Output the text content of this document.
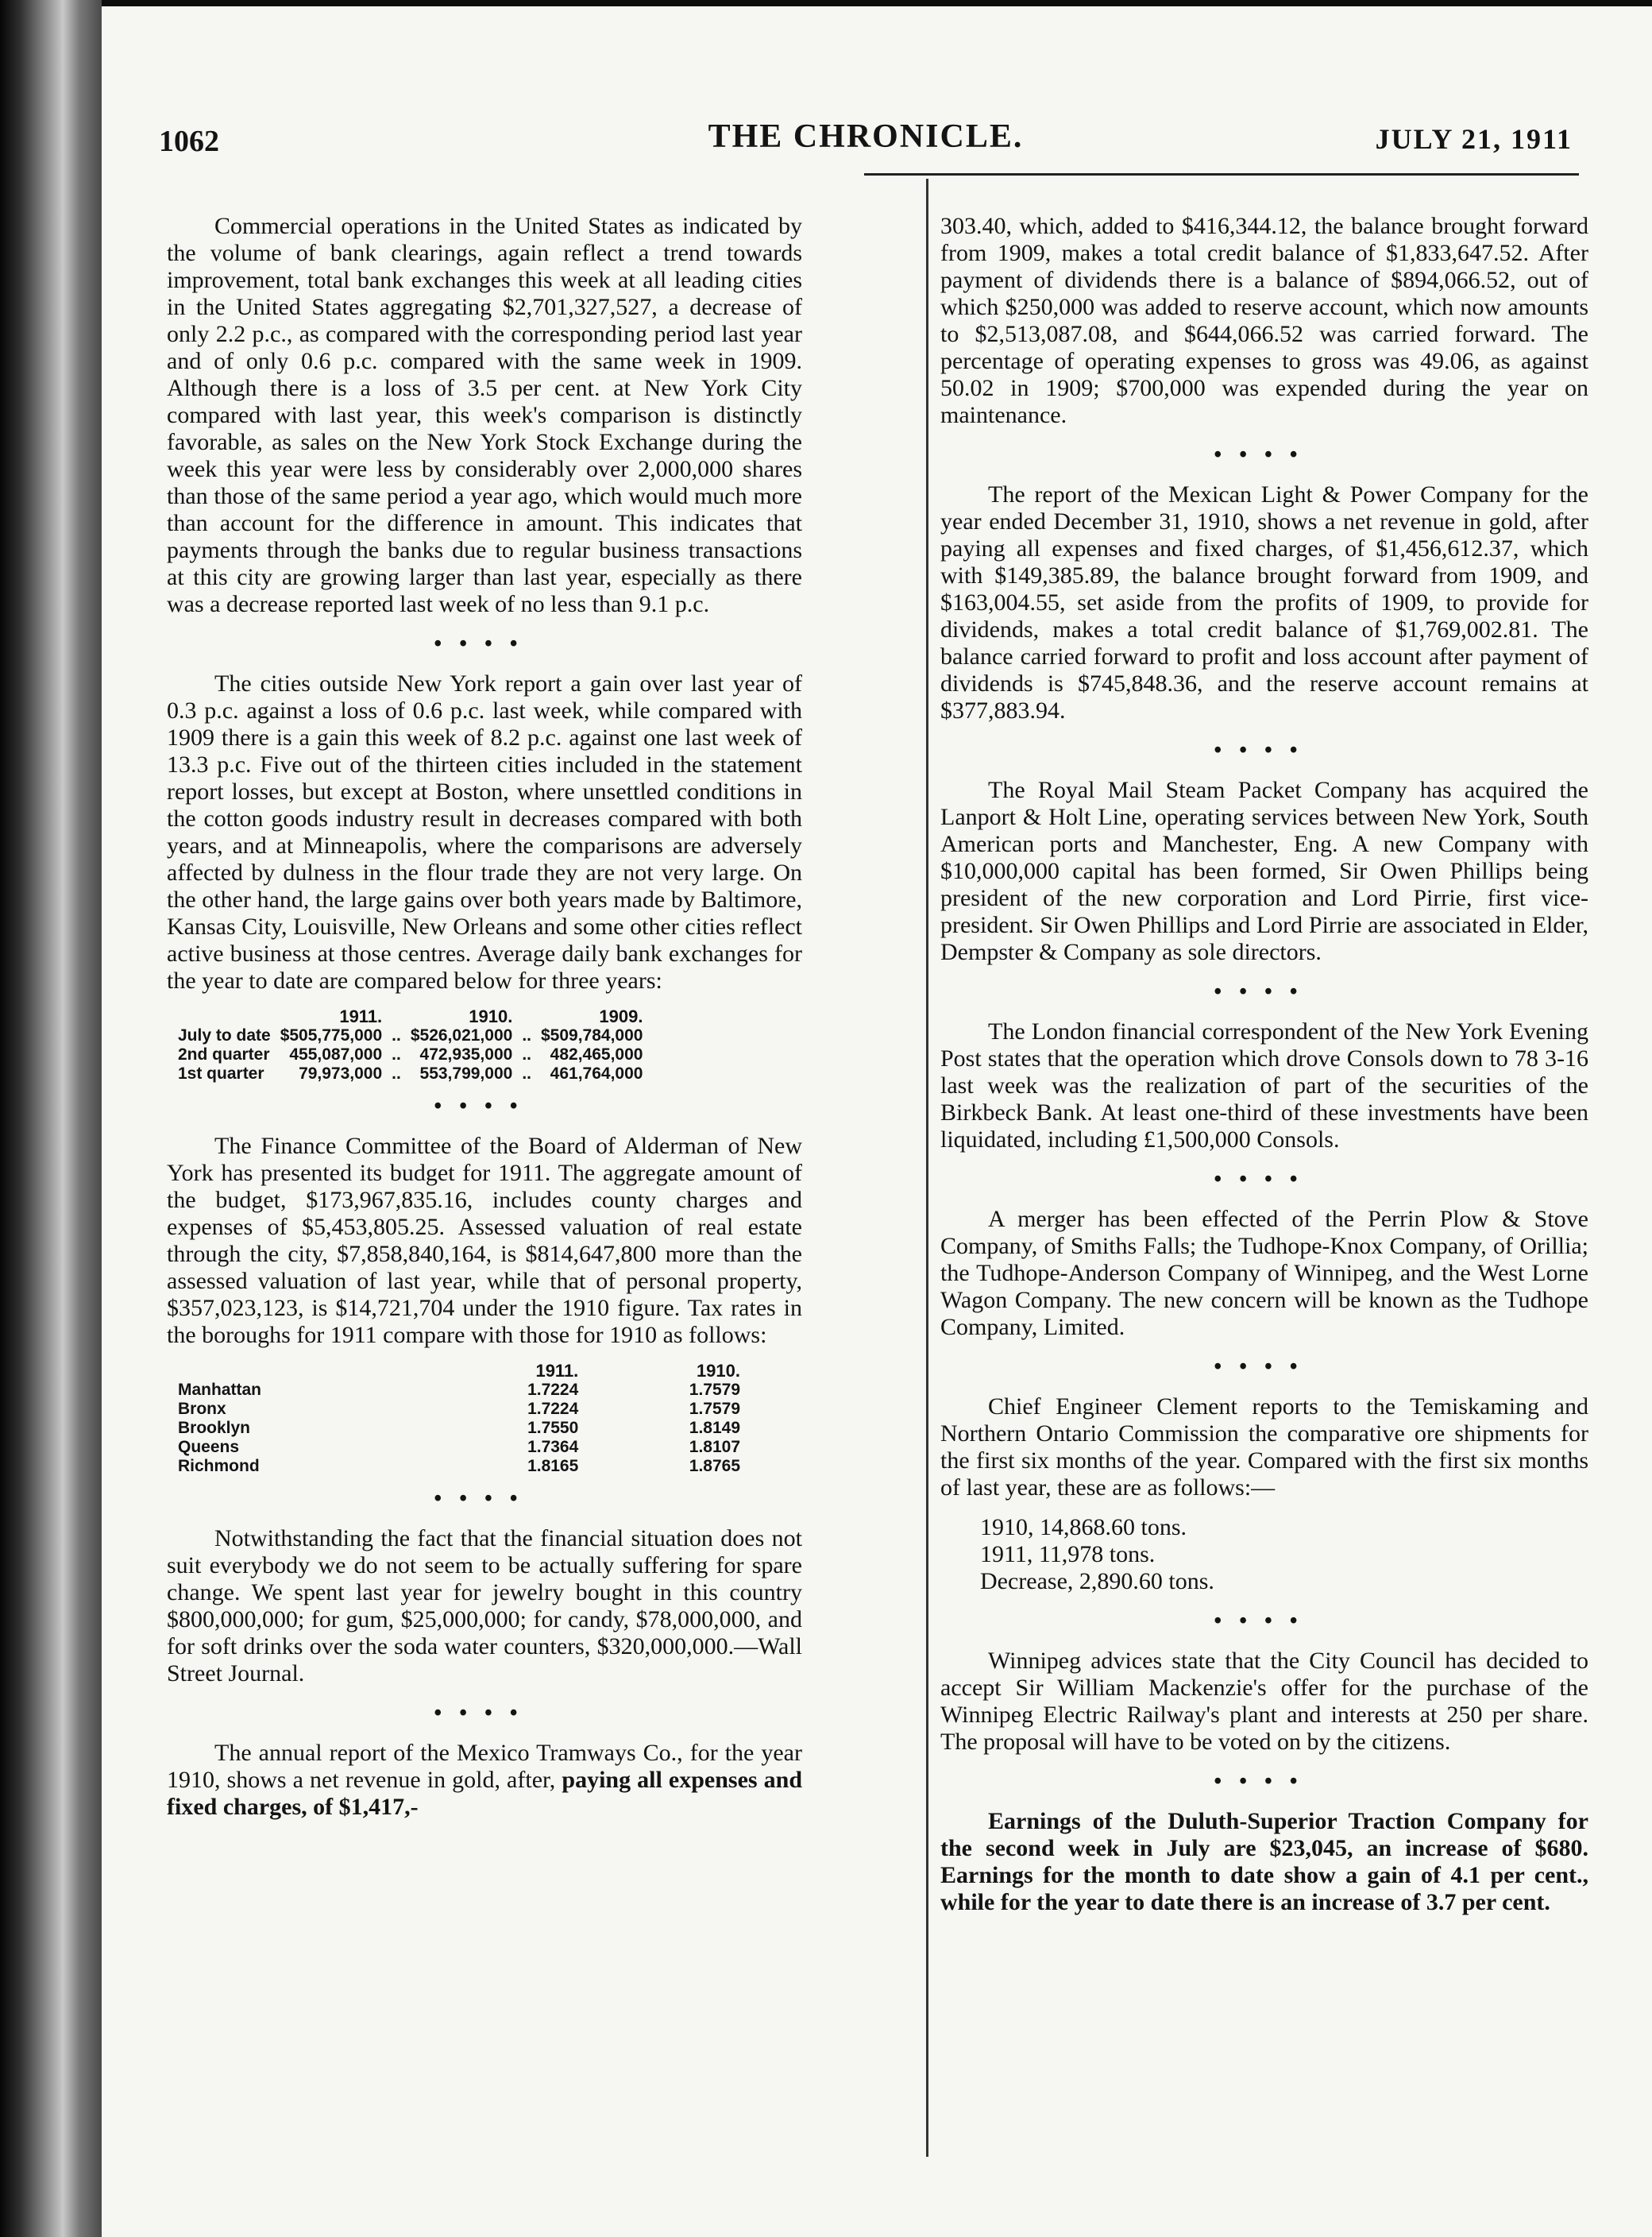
THE CHRONICLE.
1062	JULY 21, 1911

Commercial operations in the United States as indicated by the volume of bank clearings, again reflect a trend towards improvement, total bank exchanges this week at all leading cities in the United States aggregating $2,701,327,527, a decrease of only 2.2 p.c., as compared with the corresponding period last year and of only 0.6 p.c. compared with the same week in 1909. Although there is a loss of 3.5 per cent. at New York City compared with last year, this week's comparison is distinctly favorable, as sales on the New York Stock Exchange during the week this year were less by considerably over 2,000,000 shares than those of the same period a year ago, which would much more than account for the difference in amount. This indicates that payments through the banks due to regular business transactions at this city are growing larger than last year, especially as there was a decrease reported last week of no less than 9.1 p.c.

••••

The cities outside New York report a gain over last year of 0.3 p.c. against a loss of 0.6 p.c. last week, while compared with 1909 there is a gain this week of 8.2 p.c. against one last week of 13.3 p.c. Five out of the thirteen cities included in the statement report losses, but except at Boston, where unsettled conditions in the cotton goods industry result in decreases compared with both years, and at Minneapolis, where the comparisons are adversely affected by dulness in the flour trade they are not very large. On the other hand, the large gains over both years made by Baltimore, Kansas City, Louisville, New Orleans and some other cities reflect active business at those centres. Average daily bank exchanges for the year to date are compared below for three years:

	1911.		1910.		1909.
July to date	$505,775,000	..	$526,021,000	..	$509,784,000
2nd quarter	455,087,000	..	472,935,000	..	482,465,000
1st quarter	79,973,000	..	553,799,000	..	461,764,000
••••

The Finance Committee of the Board of Alderman of New York has presented its budget for 1911. The aggregate amount of the budget, $173,967,835.16, includes county charges and expenses of $5,453,805.25. Assessed valuation of real estate through the city, $7,858,840,164, is $814,647,800 more than the assessed valuation of last year, while that of personal property, $357,023,123, is $14,721,704 under the 1910 figure. Tax rates in the boroughs for 1911 compare with those for 1910 as follows:

	1911.	1910.
Manhattan	1.7224	1.7579
Bronx	1.7224	1.7579
Brooklyn	1.7550	1.8149
Queens	1.7364	1.8107
Richmond	1.8165	1.8765
••••

Notwithstanding the fact that the financial situation does not suit everybody we do not seem to be actually suffering for spare change. We spent last year for jewelry bought in this country $800,000,000; for gum, $25,000,000; for candy, $78,000,000, and for soft drinks over the soda water counters, $320,000,000.—Wall Street Journal.

••••

The annual report of the Mexico Tramways Co., for the year 1910, shows a net revenue in gold, after, paying all expenses and fixed charges, of $1,417,-

303.40, which, added to $416,344.12, the balance brought forward from 1909, makes a total credit balance of $1,833,647.52. After payment of dividends there is a balance of $894,066.52, out of which $250,000 was added to reserve account, which now amounts to $2,513,087.08, and $644,066.52 was carried forward. The percentage of operating expenses to gross was 49.06, as against 50.02 in 1909; $700,000 was expended during the year on maintenance.

••••

The report of the Mexican Light & Power Company for the year ended December 31, 1910, shows a net revenue in gold, after paying all expenses and fixed charges, of $1,456,612.37, which with $149,385.89, the balance brought forward from 1909, and $163,004.55, set aside from the profits of 1909, to provide for dividends, makes a total credit balance of $1,769,002.81. The balance carried forward to profit and loss account after payment of dividends is $745,848.36, and the reserve account remains at $377,883.94.

••••

The Royal Mail Steam Packet Company has acquired the Lanport & Holt Line, operating services between New York, South American ports and Manchester, Eng. A new Company with $10,000,000 capital has been formed, Sir Owen Phillips being president of the new corporation and Lord Pirrie, first vice-president. Sir Owen Phillips and Lord Pirrie are associated in Elder, Dempster & Company as sole directors.

••••

The London financial correspondent of the New York Evening Post states that the operation which drove Consols down to 78 3-16 last week was the realization of part of the securities of the Birkbeck Bank. At least one-third of these investments have been liquidated, including £1,500,000 Consols.

••••

A merger has been effected of the Perrin Plow & Stove Company, of Smiths Falls; the Tudhope-Knox Company, of Orillia; the Tudhope-Anderson Company of Winnipeg, and the West Lorne Wagon Company. The new concern will be known as the Tudhope Company, Limited.

••••

Chief Engineer Clement reports to the Temiskaming and Northern Ontario Commission the comparative ore shipments for the first six months of the year. Compared with the first six months of last year, these are as follows:—

1910, 14,868.60 tons.
1911, 11,978 tons.
Decrease, 2,890.60 tons.
••••

Winnipeg advices state that the City Council has decided to accept Sir William Mackenzie's offer for the purchase of the Winnipeg Electric Railway's plant and interests at 250 per share. The proposal will have to be voted on by the citizens.

••••

Earnings of the Duluth-Superior Traction Company for the second week in July are $23,045, an increase of $680. Earnings for the month to date show a gain of 4.1 per cent., while for the year to date there is an increase of 3.7 per cent.
